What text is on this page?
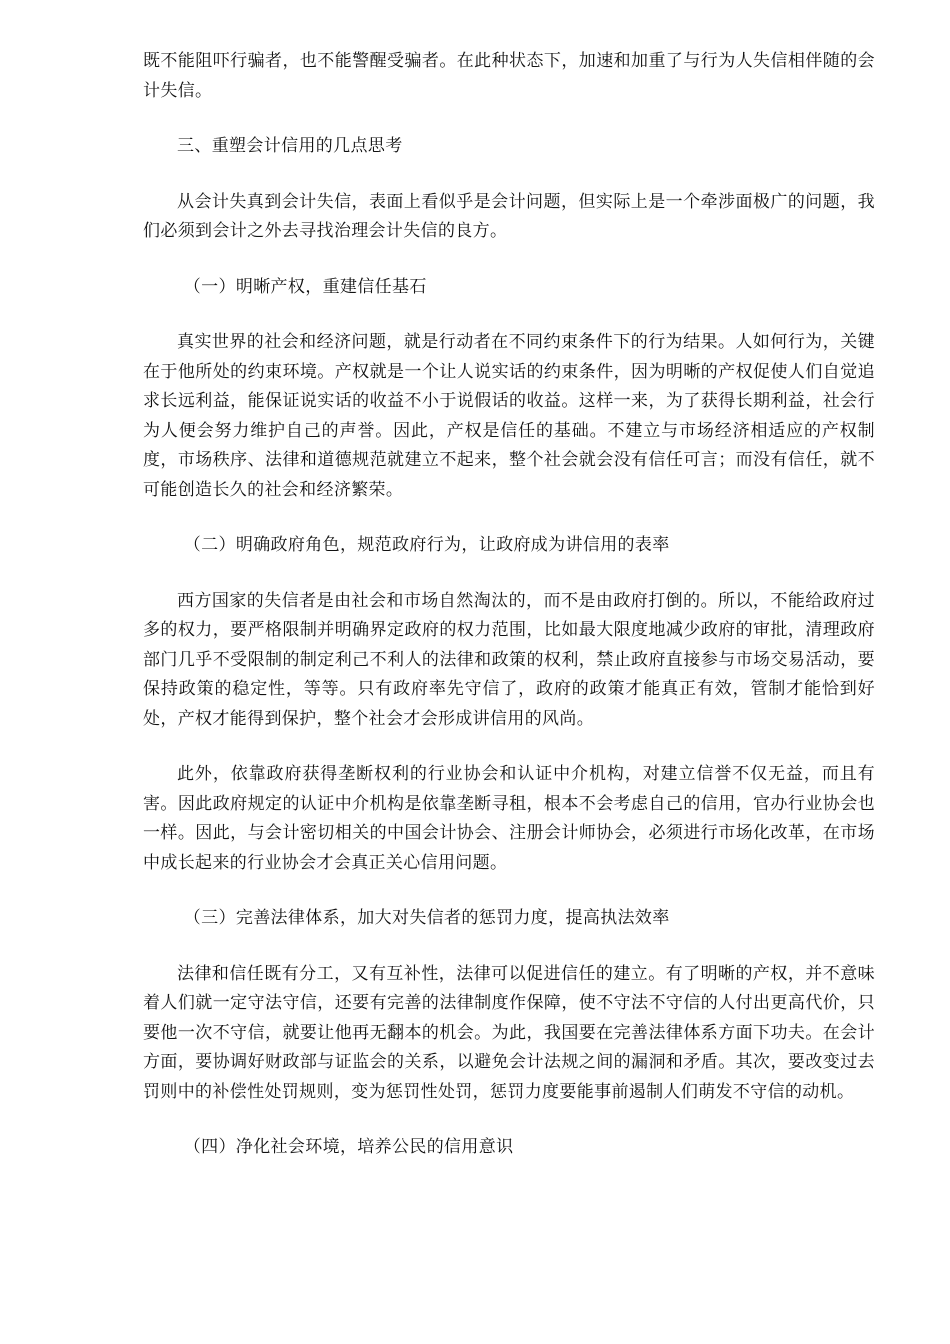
既不能阻吓行骗者，也不能警醒受骗者。在此种状态下，加速和加重了与行为人失信相伴随的会计失信。

三、重塑会计信用的几点思考

从会计失真到会计失信，表面上看似乎是会计问题，但实际上是一个牵涉面极广的问题，我们必须到会计之外去寻找治理会计失信的良方。

（一）明晰产权，重建信任基石

真实世界的社会和经济问题，就是行动者在不同约束条件下的行为结果。人如何行为，关键在于他所处的约束环境。产权就是一个让人说实话的约束条件，因为明晰的产权促使人们自觉追求长远利益，能保证说实话的收益不小于说假话的收益。这样一来，为了获得长期利益，社会行为人便会努力维护自己的声誉。因此，产权是信任的基础。不建立与市场经济相适应的产权制度，市场秩序、法律和道德规范就建立不起来，整个社会就会没有信任可言；而没有信任，就不可能创造长久的社会和经济繁荣。

（二）明确政府角色，规范政府行为，让政府成为讲信用的表率

西方国家的失信者是由社会和市场自然淘汰的，而不是由政府打倒的。所以，不能给政府过多的权力，要严格限制并明确界定政府的权力范围，比如最大限度地减少政府的审批，清理政府部门几乎不受限制的制定利己不利人的法律和政策的权利，禁止政府直接参与市场交易活动，要保持政策的稳定性，等等。只有政府率先守信了，政府的政策才能真正有效，管制才能恰到好处，产权才能得到保护，整个社会才会形成讲信用的风尚。

此外，依靠政府获得垄断权利的行业协会和认证中介机构，对建立信誉不仅无益，而且有害。因此政府规定的认证中介机构是依靠垄断寻租，根本不会考虑自己的信用，官办行业协会也一样。因此，与会计密切相关的中国会计协会、注册会计师协会，必须进行市场化改革，在市场中成长起来的行业协会才会真正关心信用问题。

（三）完善法律体系，加大对失信者的惩罚力度，提高执法效率

法律和信任既有分工，又有互补性，法律可以促进信任的建立。有了明晰的产权，并不意味着人们就一定守法守信，还要有完善的法律制度作保障，使不守法不守信的人付出更高代价，只要他一次不守信，就要让他再无翻本的机会。为此，我国要在完善法律体系方面下功夫。在会计方面，要协调好财政部与证监会的关系，以避免会计法规之间的漏洞和矛盾。其次，要改变过去罚则中的补偿性处罚规则，变为惩罚性处罚，惩罚力度要能事前遏制人们萌发不守信的动机。

（四）净化社会环境，培养公民的信用意识
